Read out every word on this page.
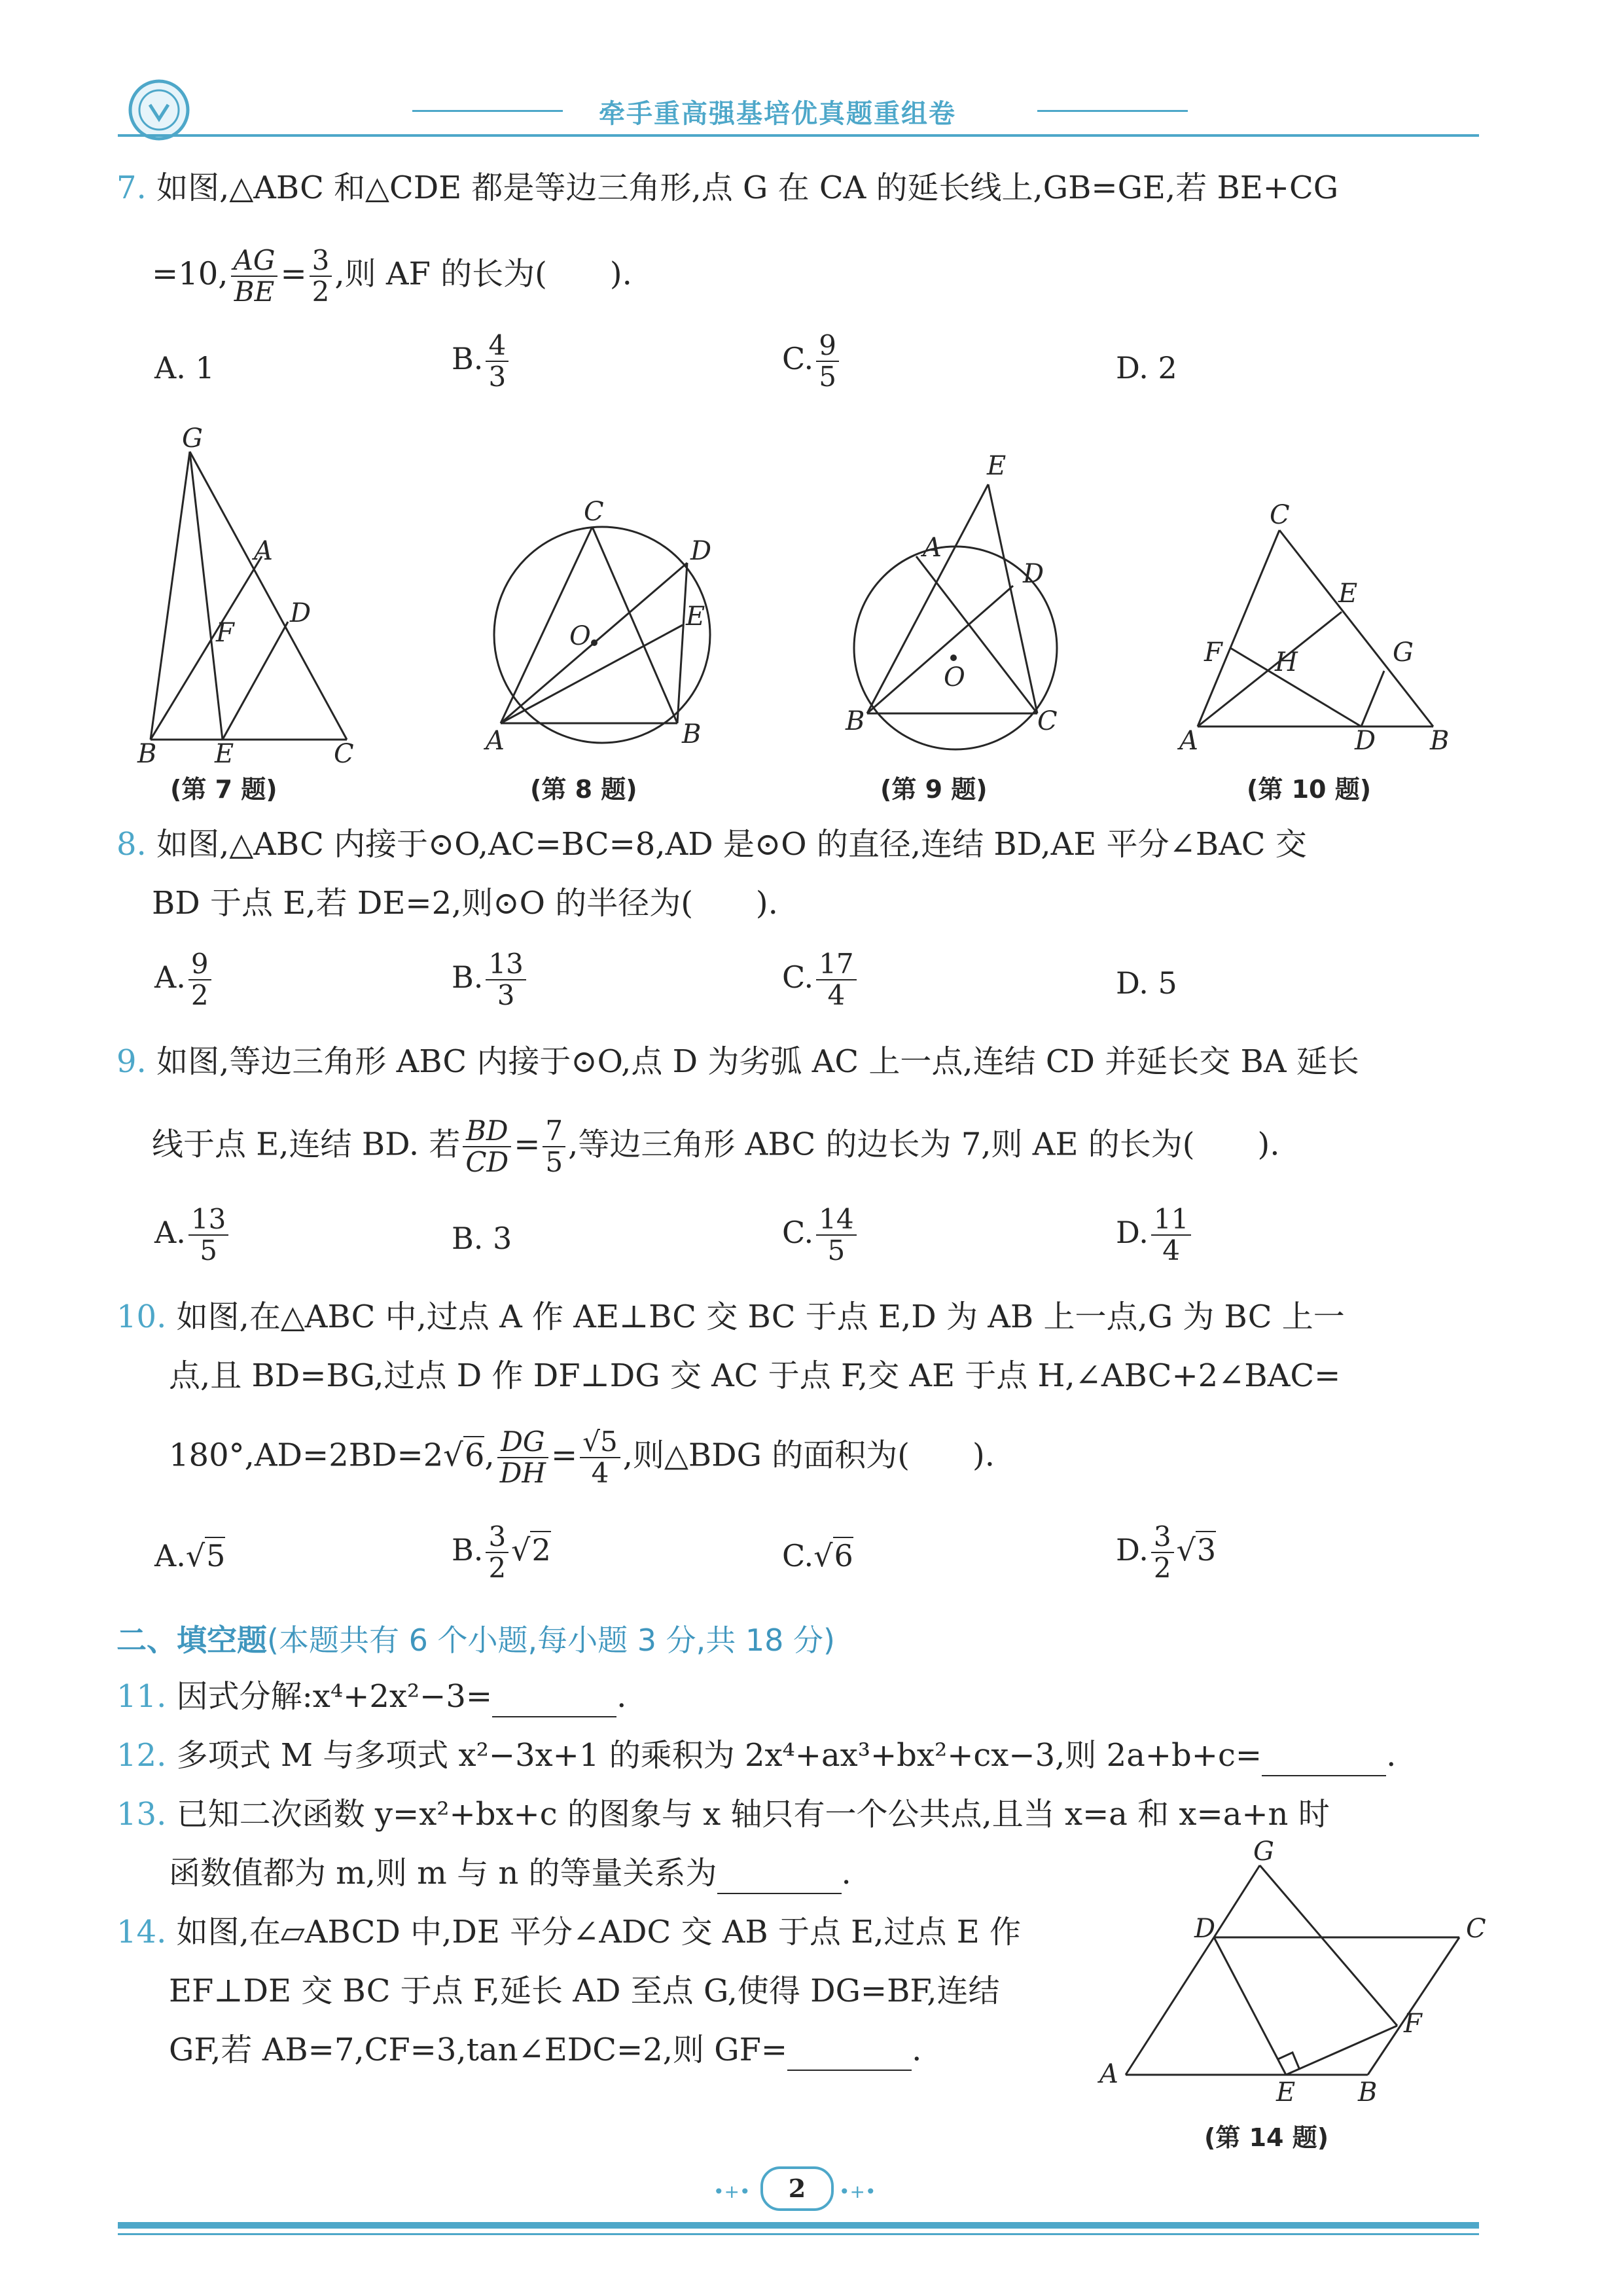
牵手重高强基培优真题重组卷
7. 如图,△ABC 和△CDE 都是等边三角形,点 G 在 CA 的延长线上,GB=GE,若 BE+CG
=10, $\frac{AG}{BE} = \frac{3}{2}$ ,则 AF 的长为(　　).
A. 1	B. $\frac{4}{3}$	C. $\frac{9}{5}$	D. 2
G
A
D
F
B E	C
(第 7 题)
C
D
O
E
A	B
(第 8 题)
E
A
D
O
B	C
(第 9 题)
C
E
G
F H
A	D B
(第 10 题)
8. 如图,△ABC 内接于⊙O,AC=BC=8,AD 是⊙O 的直径,连结 BD,AE 平分∠BAC 交
BD 于点 E,若 DE=2,则⊙O 的半径为(　　).
A. $\frac{9}{2}$	B. $\frac{13}{3}$	C. $\frac{17}{4}$	D. 5
9. 如图,等边三角形 ABC 内接于⊙O,点 D 为劣弧 AC 上一点,连结 CD 并延长交 BA 延长
线于点 E,连结 BD. 若 $\frac{BD}{CD} = \frac{7}{5}$ ,等边三角形 ABC 的边长为 7,则 AE 的长为(　　).
A. $\frac{13}{5}$	B. 3	C. $\frac{14}{5}$	D. $\frac{11}{4}$
10. 如图,在△ABC 中,过点 A 作 AE⊥BC 交 BC 于点 E,D 为 AB 上一点,G 为 BC 上一
点,且 BD=BG,过点 D 作 DF⊥DG 交 AC 于点 F,交 AE 于点 H,∠ABC+2∠BAC=
180°,AD=2BD=2√6, $\frac{DG}{DH} = \frac{√5}{4}$ ,则△BDG 的面积为(　　).
A.√5	B. $\frac{3}{2} √2$	C.√6	D. $\frac{3}{2} √3$
二、填空题(本题共有 6 个小题,每小题 3 分,共 18 分)
11. 因式分解:x⁴+2x²−3=	.
12. 多项式 M 与多项式 x²−3x+1 的乘积为 2x⁴+ax³+bx²+cx−3,则 2a+b+c=	.
13. 已知二次函数 y=x²+bx+c 的图象与 x 轴只有一个公共点,且当 x=a 和 x=a+n 时
函数值都为 m,则 m 与 n 的等量关系为	.
14. 如图,在▱ABCD 中,DE 平分∠ADC 交 AB 于点 E,过点 E 作
EF⊥DE 交 BC 于点 F,延长 AD 至点 G,使得 DG=BF,连结
GF,若 AB=7,CF=3,tan∠EDC=2,则 GF=	.
G
D	C
F
A
E B
(第 14 题)
•+•	2	•+•
